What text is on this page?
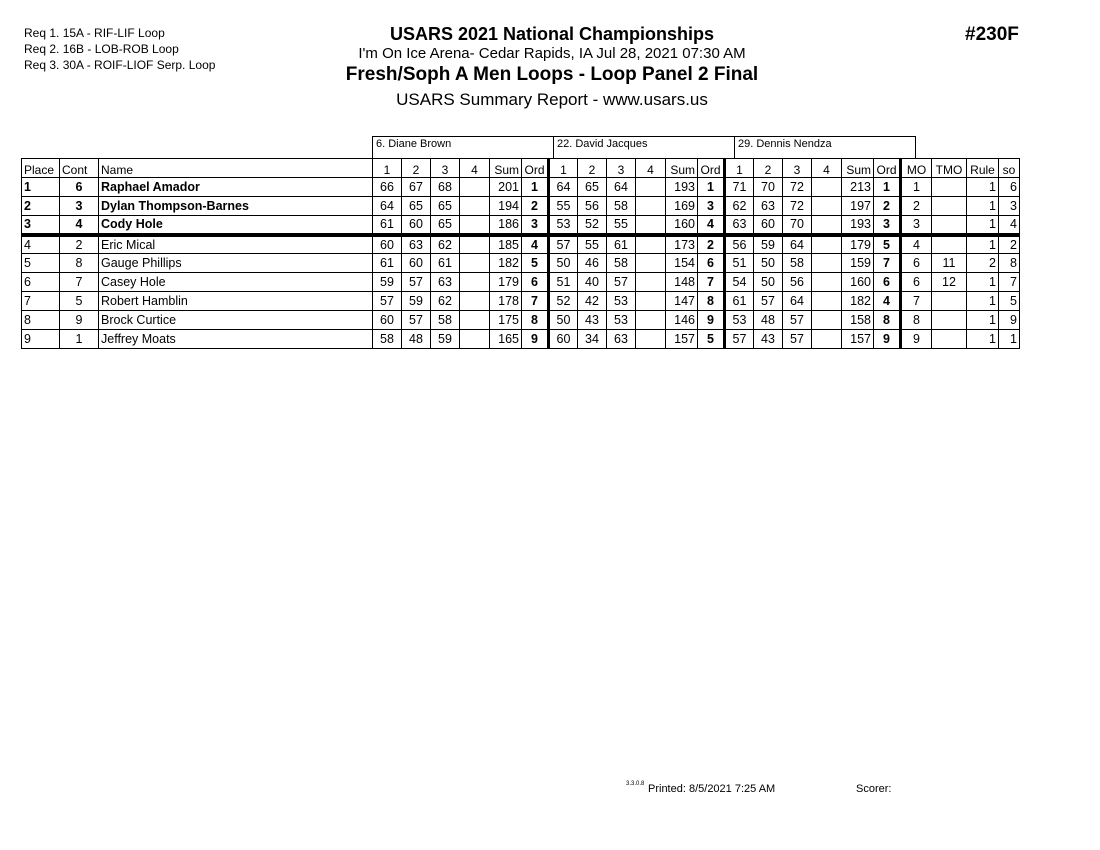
Req 1. 15A - RIF-LIF Loop
Req 2. 16B - LOB-ROB Loop
Req 3. 30A - ROIF-LIOF Serp. Loop
#230F
USARS 2021 National Championships
I'm On Ice Arena- Cedar Rapids, IA Jul 28, 2021 07:30 AM
Fresh/Soph A Men Loops - Loop Panel 2 Final
USARS Summary Report - www.usars.us
6. Diane Brown	22. David Jacques	29. Dennis Nendza
Place	Cont	Name	1	2	3	4	Sum	Ord	1	2	3	4	Sum	Ord	1	2	3	4	Sum	Ord	MO	TMO	Rule	so
1	6	Raphael Amador	66	67	68		201	1	64	65	64		193	1	71	70	72		213	1	1		1	6
2	3	Dylan Thompson-Barnes	64	65	65		194	2	55	56	58		169	3	62	63	72		197	2	2		1	3
3	4	Cody Hole	61	60	65		186	3	53	52	55		160	4	63	60	70		193	3	3		1	4
4	2	Eric Mical	60	63	62		185	4	57	55	61		173	2	56	59	64		179	5	4		1	2
5	8	Gauge Phillips	61	60	61		182	5	50	46	58		154	6	51	50	58		159	7	6	11	2	8
6	7	Casey Hole	59	57	63		179	6	51	40	57		148	7	54	50	56		160	6	6	12	1	7
7	5	Robert Hamblin	57	59	62		178	7	52	42	53		147	8	61	57	64		182	4	7		1	5
8	9	Brock Curtice	60	57	58		175	8	50	43	53		146	9	53	48	57		158	8	8		1	9
9	1	Jeffrey Moats	58	48	59		165	9	60	34	63		157	5	57	43	57		157	9	9		1	1
3.3.0.8 Printed: 8/5/2021 7:25 AM	Scorer:
